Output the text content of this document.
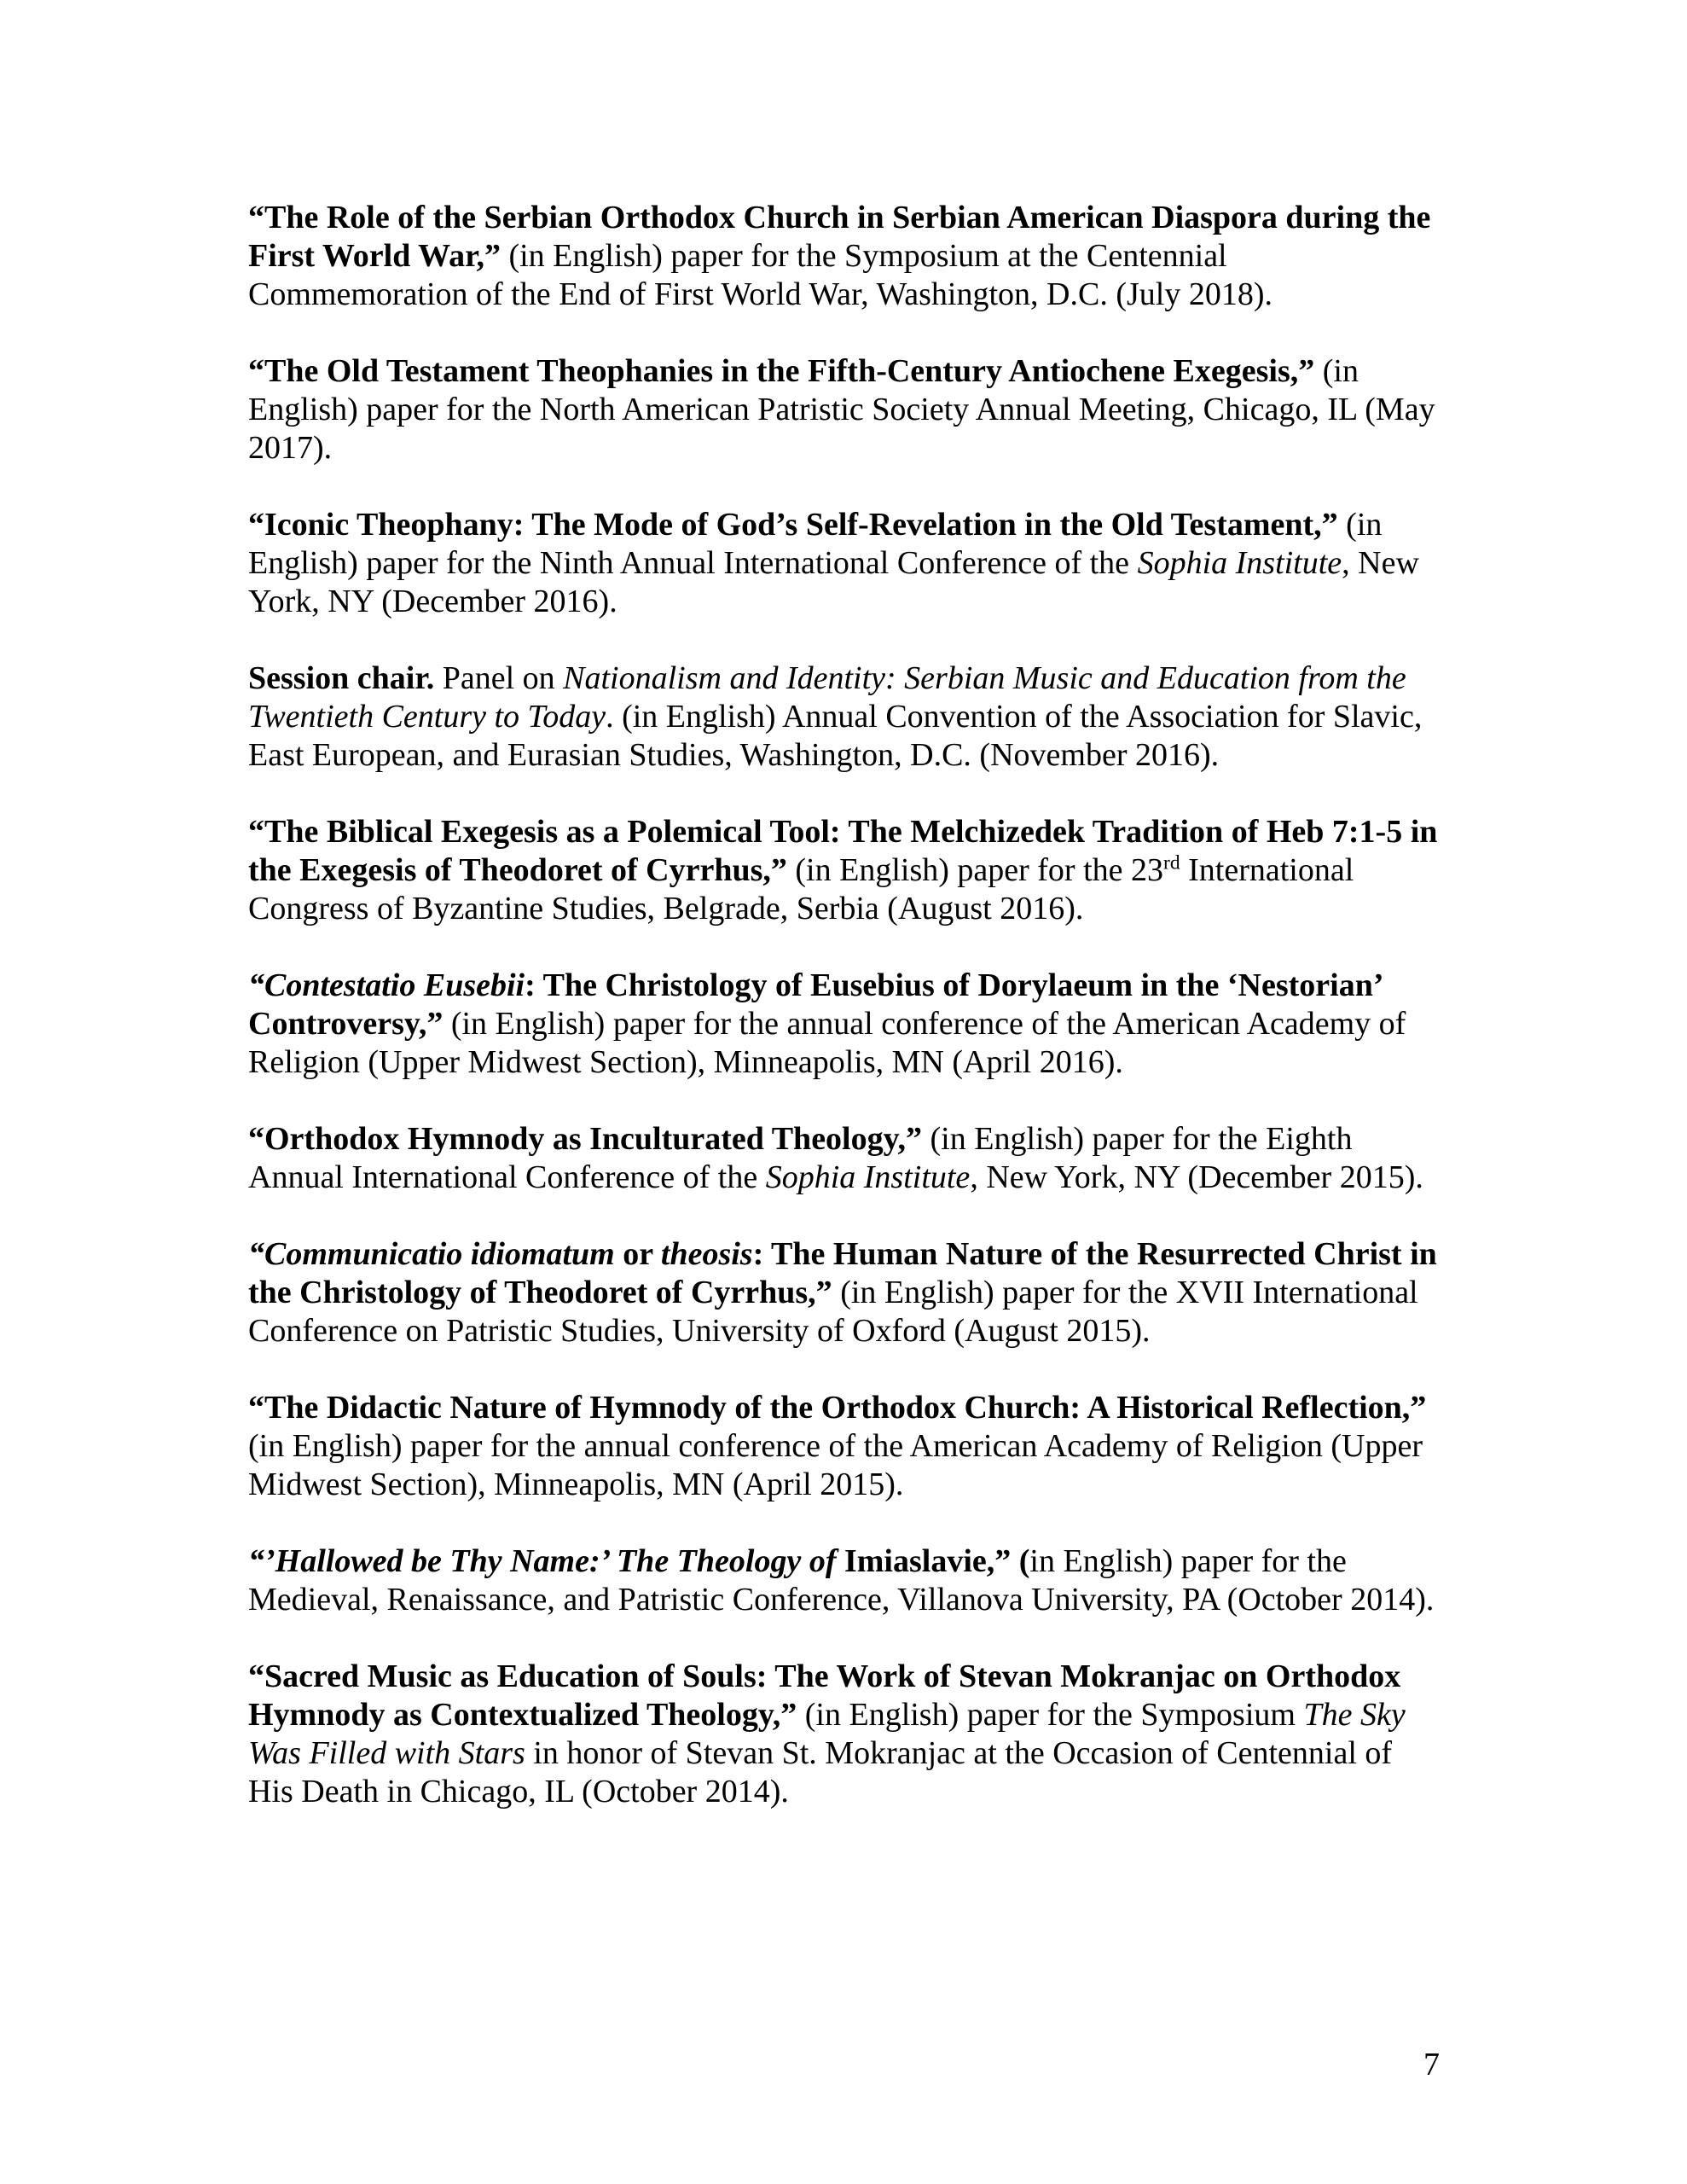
“The Role of the Serbian Orthodox Church in Serbian American Diaspora during the First World War,” (in English) paper for the Symposium at the Centennial Commemoration of the End of First World War, Washington, D.C. (July 2018).

“The Old Testament Theophanies in the Fifth-Century Antiochene Exegesis,” (in English) paper for the North American Patristic Society Annual Meeting, Chicago, IL (May 2017).

“Iconic Theophany: The Mode of God’s Self-Revelation in the Old Testament,” (in English) paper for the Ninth Annual International Conference of the Sophia Institute, New York, NY (December 2016).

Session chair. Panel on Nationalism and Identity: Serbian Music and Education from the Twentieth Century to Today. (in English) Annual Convention of the Association for Slavic, East European, and Eurasian Studies, Washington, D.C. (November 2016).

“The Biblical Exegesis as a Polemical Tool: The Melchizedek Tradition of Heb 7:1-5 in the Exegesis of Theodoret of Cyrrhus,” (in English) paper for the 23rd International Congress of Byzantine Studies, Belgrade, Serbia (August 2016).

“Contestatio Eusebii: The Christology of Eusebius of Dorylaeum in the ‘Nestorian’ Controversy,” (in English) paper for the annual conference of the American Academy of Religion (Upper Midwest Section), Minneapolis, MN (April 2016).

“Orthodox Hymnody as Inculturated Theology,” (in English) paper for the Eighth Annual International Conference of the Sophia Institute, New York, NY (December 2015).

“Communicatio idiomatum or theosis: The Human Nature of the Resurrected Christ in the Christology of Theodoret of Cyrrhus,” (in English) paper for the XVII International Conference on Patristic Studies, University of Oxford (August 2015).

“The Didactic Nature of Hymnody of the Orthodox Church: A Historical Reflection,” (in English) paper for the annual conference of the American Academy of Religion (Upper Midwest Section), Minneapolis, MN (April 2015).

“’Hallowed be Thy Name:’ The Theology of Imiaslavie,” (in English) paper for the Medieval, Renaissance, and Patristic Conference, Villanova University, PA (October 2014).

“Sacred Music as Education of Souls: The Work of Stevan Mokranjac on Orthodox Hymnody as Contextualized Theology,” (in English) paper for the Symposium The Sky Was Filled with Stars in honor of Stevan St. Mokranjac at the Occasion of Centennial of His Death in Chicago, IL (October 2014).

7
